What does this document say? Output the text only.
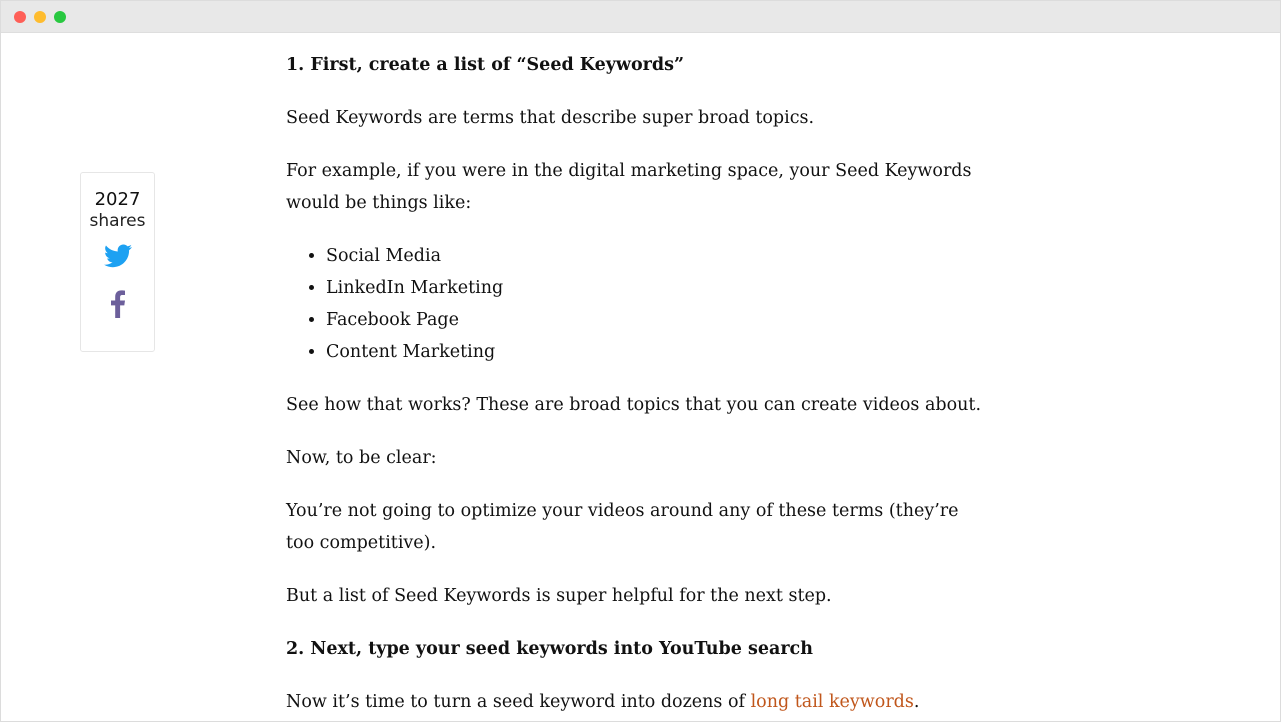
2027
shares
1. First, create a list of “Seed Keywords”

Seed Keywords are terms that describe super broad topics.

For example, if you were in the digital marketing space, your Seed Keywords would be things like:

• Social Media
• LinkedIn Marketing
• Facebook Page
• Content Marketing

See how that works? These are broad topics that you can create videos about.

Now, to be clear:

You’re not going to optimize your videos around any of these terms (they’re too competitive).

But a list of Seed Keywords is super helpful for the next step.

2. Next, type your seed keywords into YouTube search

Now it’s time to turn a seed keyword into dozens of long tail keywords.
